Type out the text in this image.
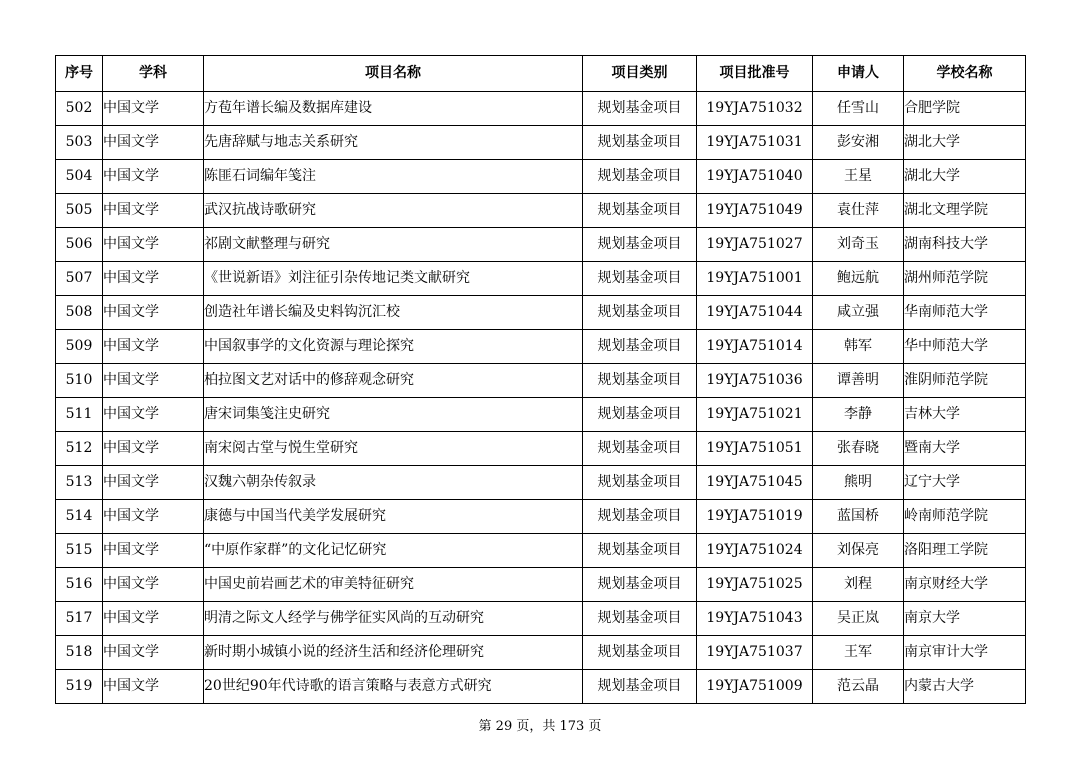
序号	学科	项目名称	项目类别	项目批准号	申请人	学校名称
502	中国文学	方苞年谱长编及数据库建设	规划基金项目	19YJA751032	任雪山	合肥学院
503	中国文学	先唐辞赋与地志关系研究	规划基金项目	19YJA751031	彭安湘	湖北大学
504	中国文学	陈匪石词编年笺注	规划基金项目	19YJA751040	王星	湖北大学
505	中国文学	武汉抗战诗歌研究	规划基金项目	19YJA751049	袁仕萍	湖北文理学院
506	中国文学	祁剧文献整理与研究	规划基金项目	19YJA751027	刘奇玉	湖南科技大学
507	中国文学	《世说新语》刘注征引杂传地记类文献研究	规划基金项目	19YJA751001	鲍远航	湖州师范学院
508	中国文学	创造社年谱长编及史料钩沉汇校	规划基金项目	19YJA751044	咸立强	华南师范大学
509	中国文学	中国叙事学的文化资源与理论探究	规划基金项目	19YJA751014	韩军	华中师范大学
510	中国文学	柏拉图文艺对话中的修辞观念研究	规划基金项目	19YJA751036	谭善明	淮阴师范学院
511	中国文学	唐宋词集笺注史研究	规划基金项目	19YJA751021	李静	吉林大学
512	中国文学	南宋阅古堂与悦生堂研究	规划基金项目	19YJA751051	张春晓	暨南大学
513	中国文学	汉魏六朝杂传叙录	规划基金项目	19YJA751045	熊明	辽宁大学
514	中国文学	康德与中国当代美学发展研究	规划基金项目	19YJA751019	蓝国桥	岭南师范学院
515	中国文学	“中原作家群”的文化记忆研究	规划基金项目	19YJA751024	刘保亮	洛阳理工学院
516	中国文学	中国史前岩画艺术的审美特征研究	规划基金项目	19YJA751025	刘程	南京财经大学
517	中国文学	明清之际文人经学与佛学征实风尚的互动研究	规划基金项目	19YJA751043	吴正岚	南京大学
518	中国文学	新时期小城镇小说的经济生活和经济伦理研究	规划基金项目	19YJA751037	王军	南京审计大学
519	中国文学	20世纪90年代诗歌的语言策略与表意方式研究	规划基金项目	19YJA751009	范云晶	内蒙古大学
第 29 页，共 173 页
